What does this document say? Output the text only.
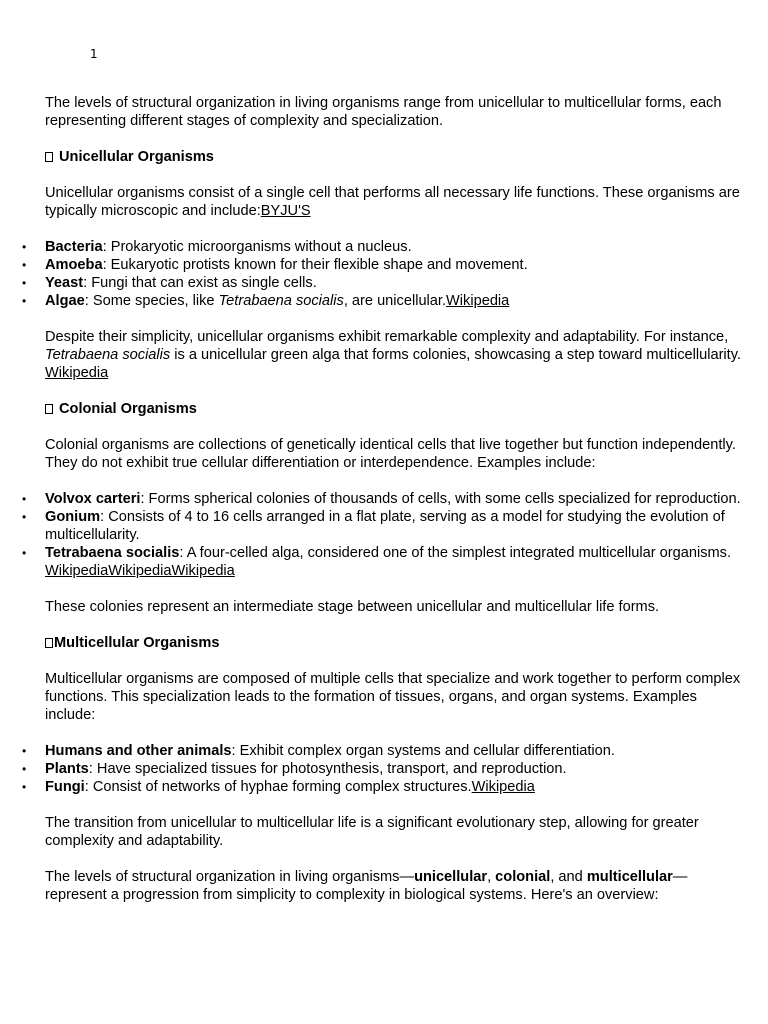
1

The levels of structural organization in living organisms range from unicellular to multicellular forms, each representing different stages of complexity and specialization.

Unicellular Organisms

Unicellular organisms consist of a single cell that performs all necessary life functions. These organisms are typically microscopic and include:BYJU'S

• Bacteria: Prokaryotic microorganisms without a nucleus.
• Amoeba: Eukaryotic protists known for their flexible shape and movement.
• Yeast: Fungi that can exist as single cells.
• Algae: Some species, like Tetrabaena socialis, are unicellular.Wikipedia

Despite their simplicity, unicellular organisms exhibit remarkable complexity and adaptability. For instance, Tetrabaena socialis is a unicellular green alga that forms colonies, showcasing a step toward multicellularity. Wikipedia

Colonial Organisms

Colonial organisms are collections of genetically identical cells that live together but function independently. They do not exhibit true cellular differentiation or interdependence. Examples include:

• Volvox carteri: Forms spherical colonies of thousands of cells, with some cells specialized for reproduction.
• Gonium: Consists of 4 to 16 cells arranged in a flat plate, serving as a model for studying the evolution of multicellularity.
• Tetrabaena socialis: A four-celled alga, considered one of the simplest integrated multicellular organisms. WikipediaWikipediaWikipedia

These colonies represent an intermediate stage between unicellular and multicellular life forms.

Multicellular Organisms

Multicellular organisms are composed of multiple cells that specialize and work together to perform complex functions. This specialization leads to the formation of tissues, organs, and organ systems. Examples include:

• Humans and other animals: Exhibit complex organ systems and cellular differentiation.
• Plants: Have specialized tissues for photosynthesis, transport, and reproduction.
• Fungi: Consist of networks of hyphae forming complex structures.Wikipedia

The transition from unicellular to multicellular life is a significant evolutionary step, allowing for greater complexity and adaptability.

The levels of structural organization in living organisms—unicellular, colonial, and multicellular—represent a progression from simplicity to complexity in biological systems. Here's an overview:
